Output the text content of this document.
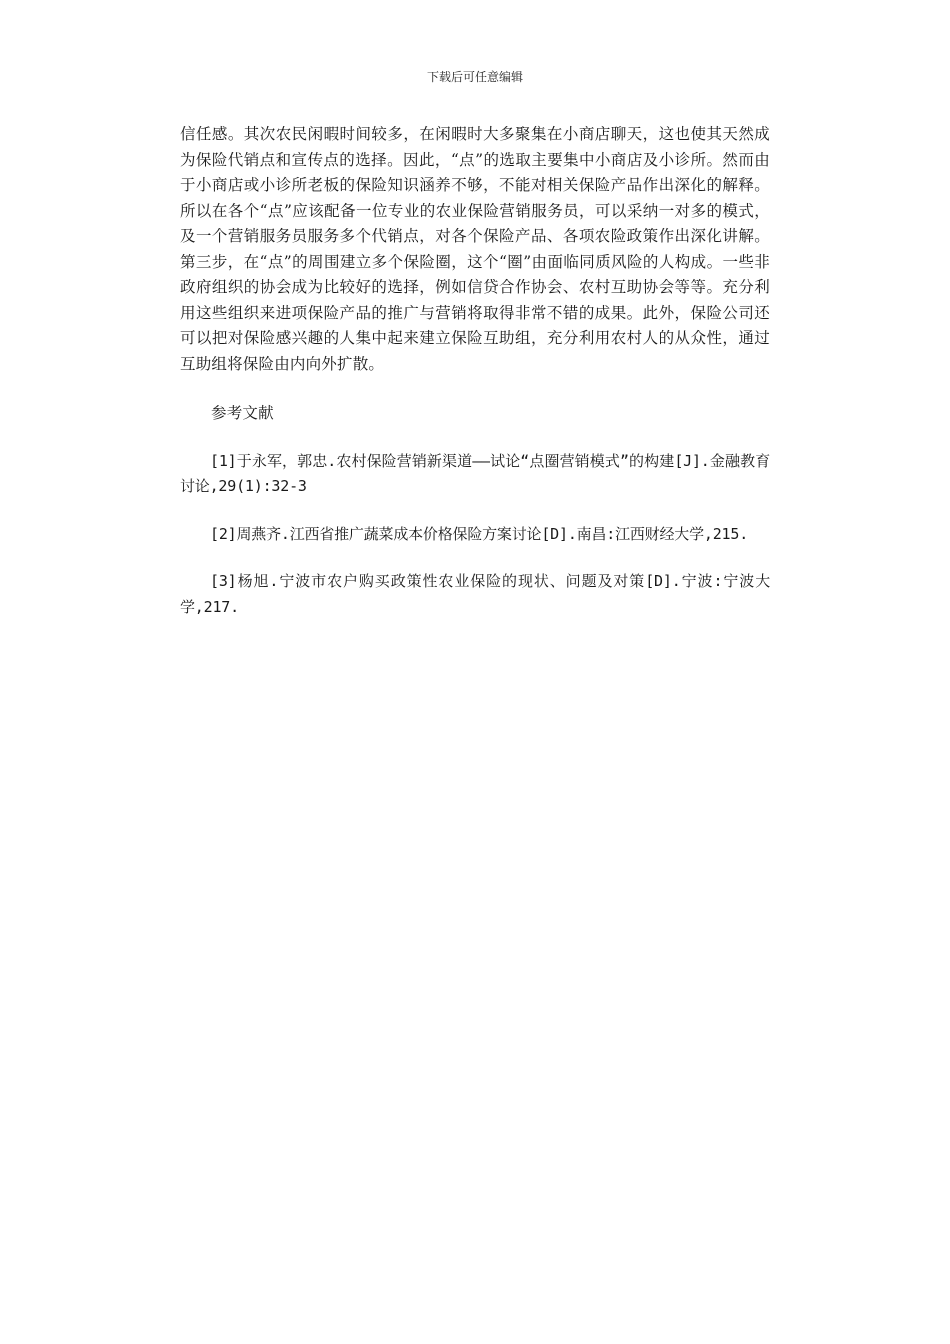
下载后可任意编辑

信任感。其次农民闲暇时间较多，在闲暇时大多聚集在小商店聊天，这也使其天然成为保险代销点和宣传点的选择。因此，“点”的选取主要集中小商店及小诊所。然而由于小商店或小诊所老板的保险知识涵养不够，不能对相关保险产品作出深化的解释。所以在各个“点”应该配备一位专业的农业保险营销服务员，可以采纳一对多的模式，及一个营销服务员服务多个代销点，对各个保险产品、各项农险政策作出深化讲解。第三步，在“点”的周围建立多个保险圈，这个“圈”由面临同质风险的人构成。一些非政府组织的协会成为比较好的选择，例如信贷合作协会、农村互助协会等等。充分利用这些组织来进项保险产品的推广与营销将取得非常不错的成果。此外，保险公司还可以把对保险感兴趣的人集中起来建立保险互助组，充分利用农村人的从众性，通过互助组将保险由内向外扩散。

参考文献

[1]于永军，郭忠.农村保险营销新渠道——试论“点圈营销模式”的构建[J].金融教育讨论,29(1):32-3

[2]周燕齐.江西省推广蔬菜成本价格保险方案讨论[D].南昌:江西财经大学,215.

[3]杨旭.宁波市农户购买政策性农业保险的现状、问题及对策[D].宁波:宁波大学,217.
